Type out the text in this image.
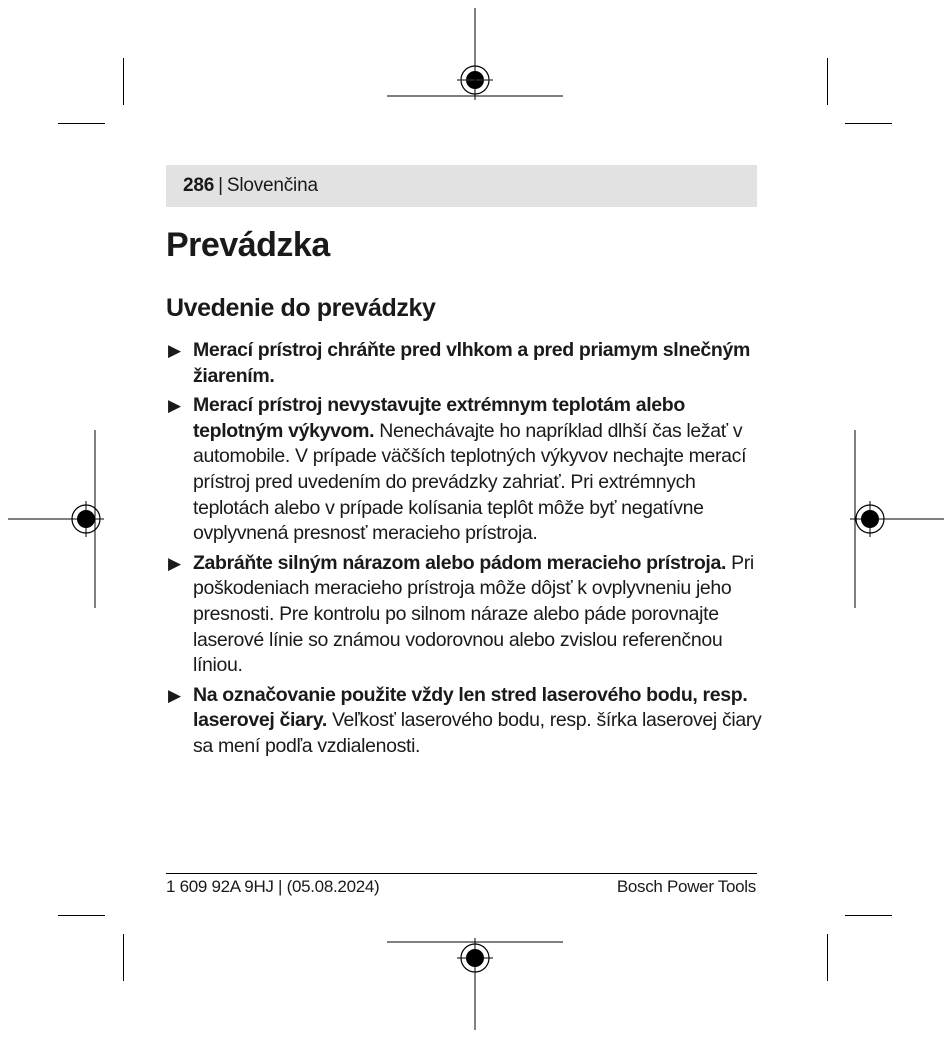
286 | Slovenčina
Prevádzka
Uvedenie do prevádzky
▶ Merací prístroj chráňte pred vlhkom a pred priamym slnečným žiarením.
▶ Merací prístroj nevystavujte extrémnym teplotám alebo teplotným výkyvom. Nenechávajte ho napríklad dlhší čas ležať v automobile. V prípade väčších teplotných výkyvov nechajte merací prístroj pred uvedením do prevádzky zahriať. Pri extrémnych teplotách alebo v prípade kolísania teplôt môže byť negatívne ovplyvnená presnosť meracieho prístroja.
▶ Zabráňte silným nárazom alebo pádom meracieho prístroja. Pri poškodeniach meracieho prístroja môže dôjsť k ovplyvneniu jeho presnosti. Pre kontrolu po silnom náraze alebo páde porovnajte laserové línie so známou vodorovnou alebo zvislou referenčnou líniou.
▶ Na označovanie použite vždy len stred laserového bodu, resp. laserovej čiary. Veľkosť laserového bodu, resp. šírka laserovej čiary sa mení podľa vzdialenosti.
1 609 92A 9HJ | (05.08.2024)	Bosch Power Tools
